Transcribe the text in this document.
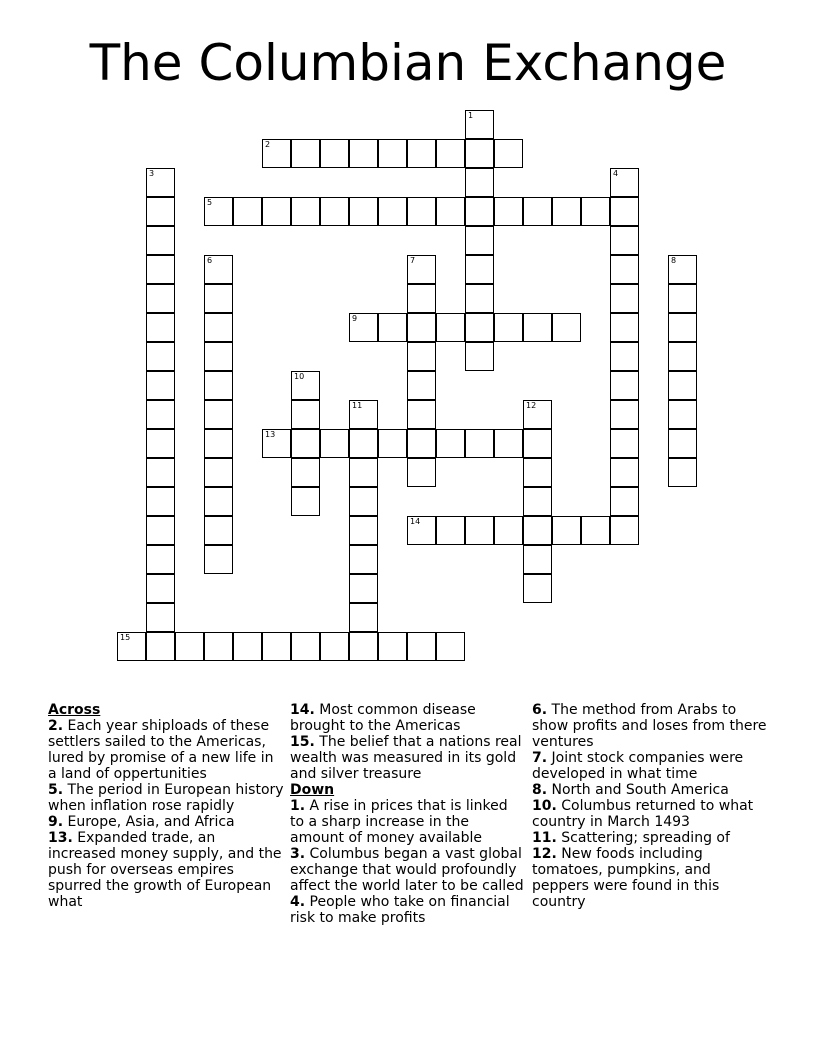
The Columbian Exchange
1
2
3	4
5
6	7	8
9
10
11	12
13
14
15
Across
2. Each year shiploads of these settlers sailed to the Americas, lured by promise of a new life in a land of oppertunities
5. The period in European history when inflation rose rapidly
9. Europe, Asia, and Africa
13. Expanded trade, an increased money supply, and the push for overseas empires spurred the growth of European what
14. Most common disease brought to the Americas
15. The belief that a nations real wealth was measured in its gold and silver treasure
Down
1. A rise in prices that is linked to a sharp increase in the amount of money available
3. Columbus began a vast global exchange that would profoundly affect the world later to be called
4. People who take on financial risk to make profits
6. The method from Arabs to show profits and loses from there ventures
7. Joint stock companies were developed in what time
8. North and South America
10. Columbus returned to what country in March 1493
11. Scattering; spreading of
12. New foods including tomatoes, pumpkins, and peppers were found in this country
